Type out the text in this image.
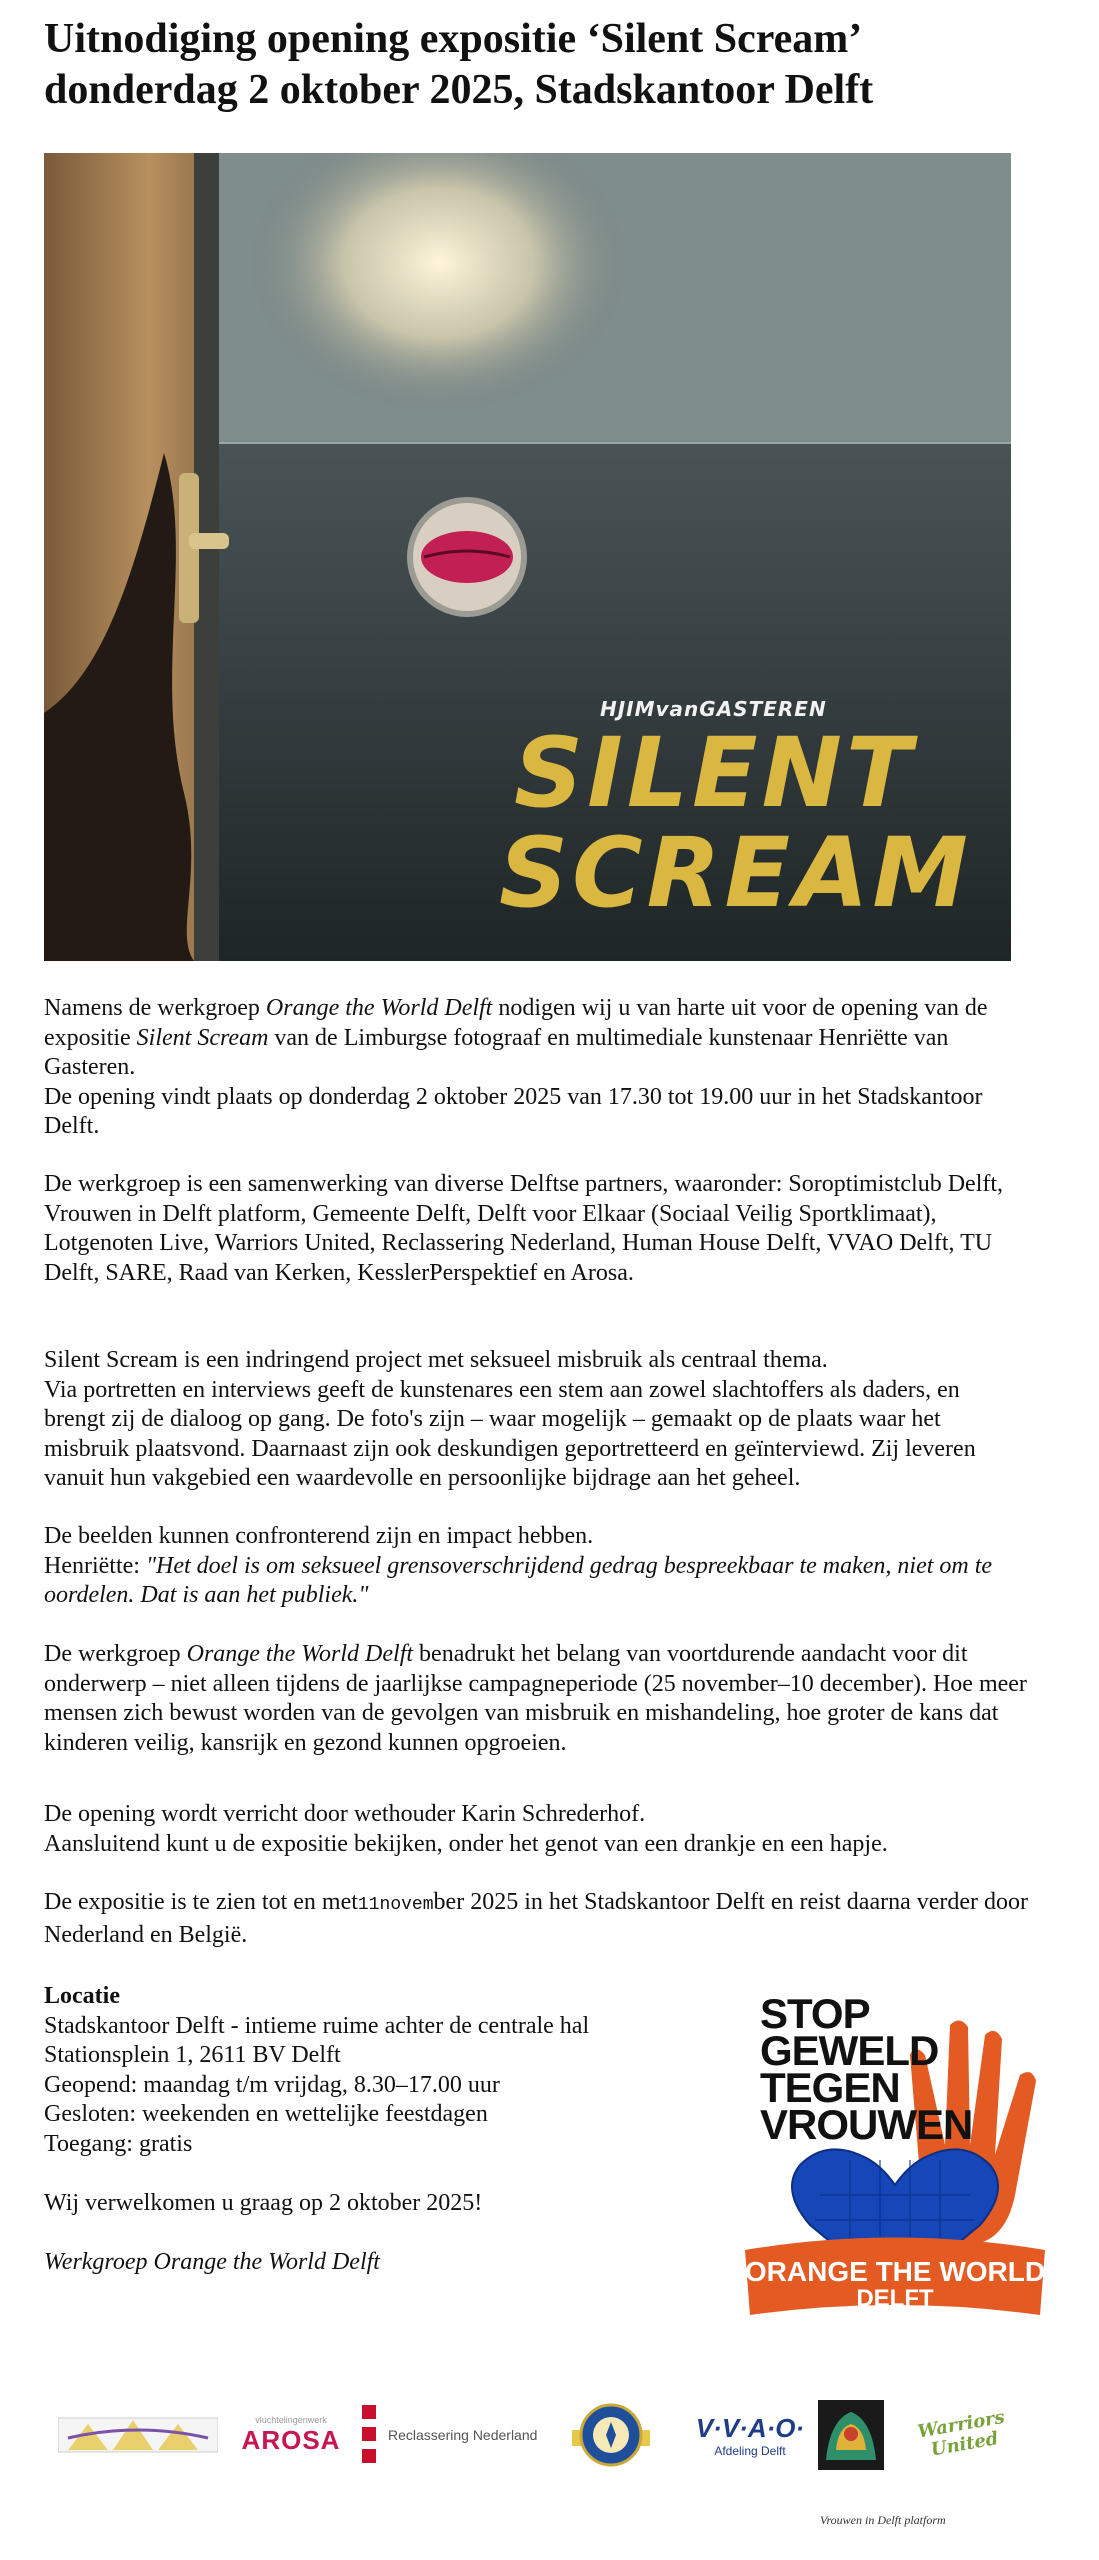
Uitnodiging opening expositie ‘Silent Scream’
donderdag 2 oktober 2025, Stadskantoor Delft
HJIMvanGASTEREN
SILENT
SCREAM

Namens de werkgroep Orange the World Delft nodigen wij u van harte uit voor de opening van de expositie Silent Scream van de Limburgse fotograaf en multimediale kunstenaar Henriëtte van Gasteren.
De opening vindt plaats op donderdag 2 oktober 2025 van 17.30 tot 19.00 uur in het Stadskantoor Delft.

De werkgroep is een samenwerking van diverse Delftse partners, waaronder: Soroptimistclub Delft, Vrouwen in Delft platform, Gemeente Delft, Delft voor Elkaar (Sociaal Veilig Sportklimaat), Lotgenoten Live, Warriors United, Reclassering Nederland, Human House Delft, VVAO Delft, TU Delft, SARE, Raad van Kerken, KesslerPerspektief en Arosa.

Silent Scream is een indringend project met seksueel misbruik als centraal thema.
Via portretten en interviews geeft de kunstenares een stem aan zowel slachtoffers als daders, en brengt zij de dialoog op gang. De foto's zijn – waar mogelijk – gemaakt op de plaats waar het misbruik plaatsvond. Daarnaast zijn ook deskundigen geportretteerd en geïnterviewd. Zij leveren vanuit hun vakgebied een waardevolle en persoonlijke bijdrage aan het geheel.

De beelden kunnen confronterend zijn en impact hebben.
Henriëtte: "Het doel is om seksueel grensoverschrijdend gedrag bespreekbaar te maken, niet om te oordelen. Dat is aan het publiek."

De werkgroep Orange the World Delft benadrukt het belang van voortdurende aandacht voor dit onderwerp – niet alleen tijdens de jaarlijkse campagneperiode (25 november–10 december). Hoe meer mensen zich bewust worden van de gevolgen van misbruik en mishandeling, hoe groter de kans dat kinderen veilig, kansrijk en gezond kunnen opgroeien.

De opening wordt verricht door wethouder Karin Schrederhof.
Aansluitend kunt u de expositie bekijken, onder het genot van een drankje en een hapje.

De expositie is te zien tot en met11november 2025 in het Stadskantoor Delft en reist daarna verder door Nederland en België.

Locatie

Stadskantoor Delft - intieme ruime achter de centrale hal

Stationsplein 1, 2611 BV Delft

Geopend: maandag t/m vrijdag, 8.30–17.00 uur

Gesloten: weekenden en wettelijke feestdagen

Toegang: gratis

Wij verwelkomen u graag op 2 oktober 2025!

Werkgroep Orange the World Delft

STOP
GEWELD
TEGEN
VROUWEN
ORANGE THE WORLD
DELFT
vluchtelingenwerk
AROSA	Reclassering Nederland	V·V·A·O·
Afdeling Delft
Warriors United
Vrouwen in Delft platform
